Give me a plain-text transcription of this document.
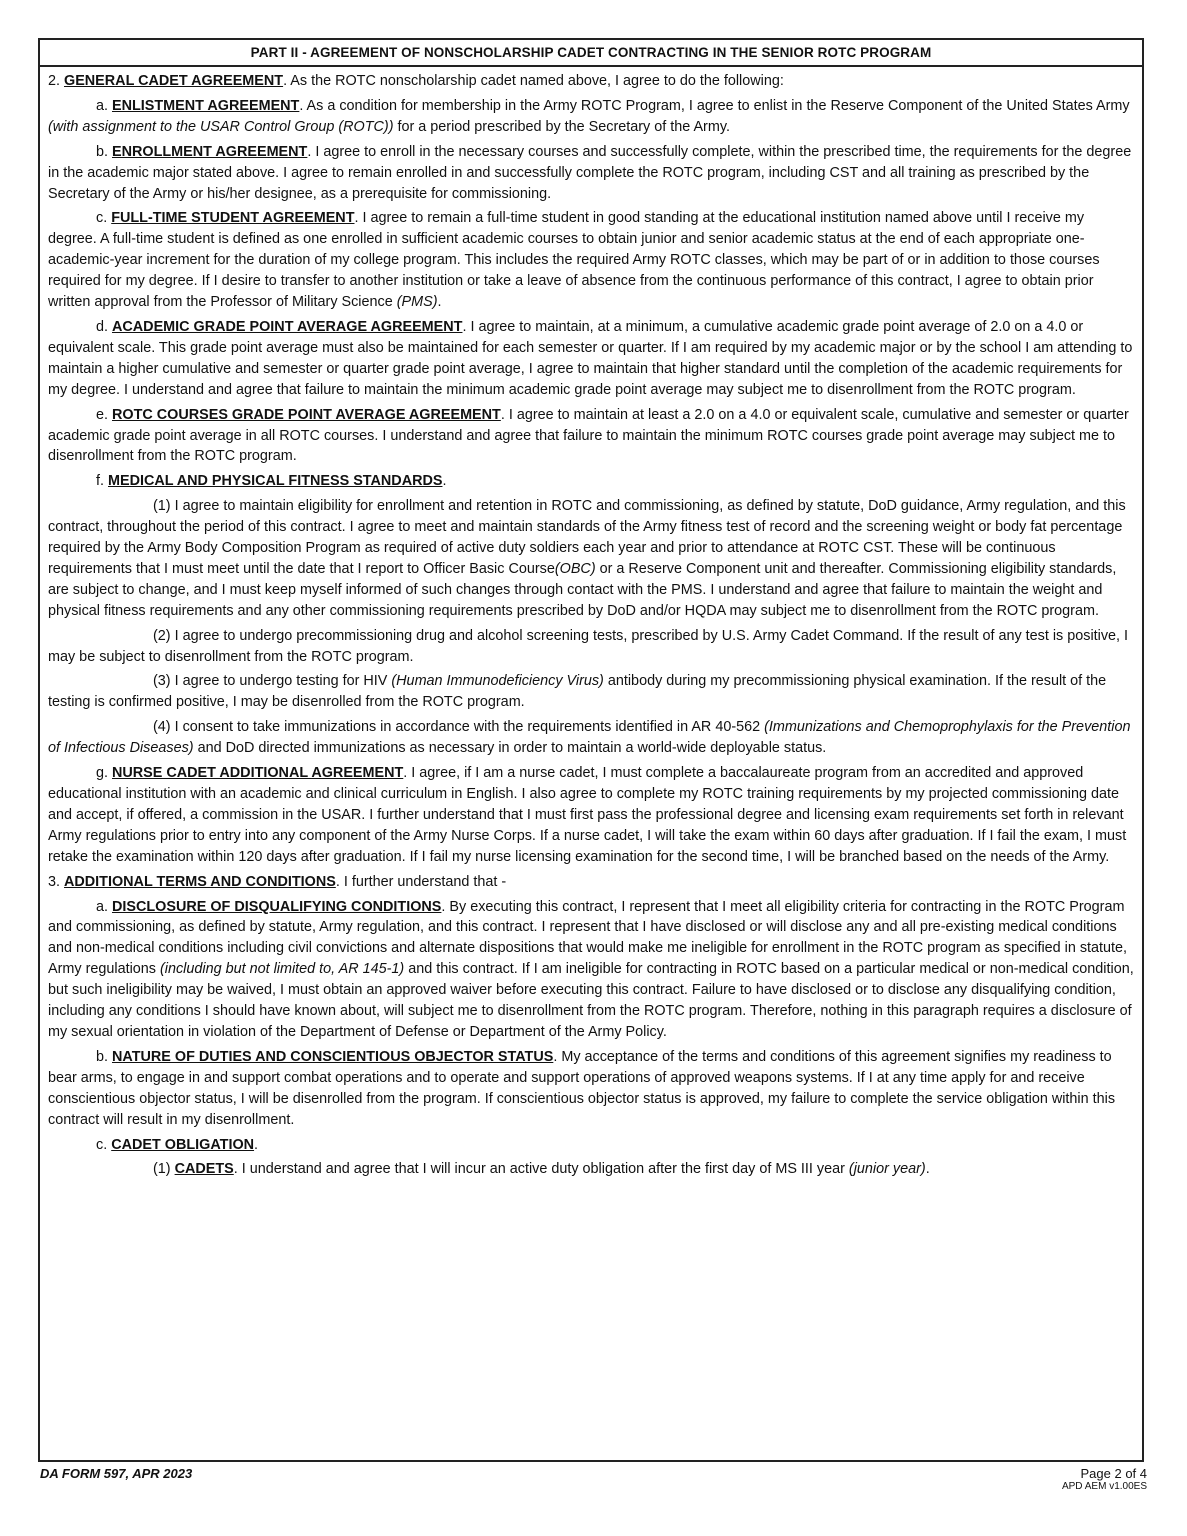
PART II - AGREEMENT OF NONSCHOLARSHIP CADET CONTRACTING IN THE SENIOR ROTC PROGRAM

2. GENERAL CADET AGREEMENT. As the ROTC nonscholarship cadet named above, I agree to do the following:

a. ENLISTMENT AGREEMENT. As a condition for membership in the Army ROTC Program, I agree to enlist in the Reserve Component of the United States Army (with assignment to the USAR Control Group (ROTC)) for a period prescribed by the Secretary of the Army.

b. ENROLLMENT AGREEMENT. I agree to enroll in the necessary courses and successfully complete, within the prescribed time, the requirements for the degree in the academic major stated above. I agree to remain enrolled in and successfully complete the ROTC program, including CST and all training as prescribed by the Secretary of the Army or his/her designee, as a prerequisite for commissioning.

c. FULL-TIME STUDENT AGREEMENT. I agree to remain a full-time student in good standing at the educational institution named above until I receive my degree. A full-time student is defined as one enrolled in sufficient academic courses to obtain junior and senior academic status at the end of each appropriate one-academic-year increment for the duration of my college program. This includes the required Army ROTC classes, which may be part of or in addition to those courses required for my degree. If I desire to transfer to another institution or take a leave of absence from the continuous performance of this contract, I agree to obtain prior written approval from the Professor of Military Science (PMS).

d. ACADEMIC GRADE POINT AVERAGE AGREEMENT. I agree to maintain, at a minimum, a cumulative academic grade point average of 2.0 on a 4.0 or equivalent scale. This grade point average must also be maintained for each semester or quarter. If I am required by my academic major or by the school I am attending to maintain a higher cumulative and semester or quarter grade point average, I agree to maintain that higher standard until the completion of the academic requirements for my degree. I understand and agree that failure to maintain the minimum academic grade point average may subject me to disenrollment from the ROTC program.

e. ROTC COURSES GRADE POINT AVERAGE AGREEMENT. I agree to maintain at least a 2.0 on a 4.0 or equivalent scale, cumulative and semester or quarter academic grade point average in all ROTC courses. I understand and agree that failure to maintain the minimum ROTC courses grade point average may subject me to disenrollment from the ROTC program.

f. MEDICAL AND PHYSICAL FITNESS STANDARDS.

(1) I agree to maintain eligibility for enrollment and retention in ROTC and commissioning, as defined by statute, DoD guidance, Army regulation, and this contract, throughout the period of this contract. I agree to meet and maintain standards of the Army fitness test of record and the screening weight or body fat percentage required by the Army Body Composition Program as required of active duty soldiers each year and prior to attendance at ROTC CST. These will be continuous requirements that I must meet until the date that I report to Officer Basic Course(OBC) or a Reserve Component unit and thereafter. Commissioning eligibility standards, are subject to change, and I must keep myself informed of such changes through contact with the PMS. I understand and agree that failure to maintain the weight and physical fitness requirements and any other commissioning requirements prescribed by DoD and/or HQDA may subject me to disenrollment from the ROTC program.

(2) I agree to undergo precommissioning drug and alcohol screening tests, prescribed by U.S. Army Cadet Command. If the result of any test is positive, I may be subject to disenrollment from the ROTC program.

(3) I agree to undergo testing for HIV (Human Immunodeficiency Virus) antibody during my precommissioning physical examination. If the result of the testing is confirmed positive, I may be disenrolled from the ROTC program.

(4) I consent to take immunizations in accordance with the requirements identified in AR 40-562 (Immunizations and Chemoprophylaxis for the Prevention of Infectious Diseases) and DoD directed immunizations as necessary in order to maintain a world-wide deployable status.

g. NURSE CADET ADDITIONAL AGREEMENT. I agree, if I am a nurse cadet, I must complete a baccalaureate program from an accredited and approved educational institution with an academic and clinical curriculum in English. I also agree to complete my ROTC training requirements by my projected commissioning date and accept, if offered, a commission in the USAR. I further understand that I must first pass the professional degree and licensing exam requirements set forth in relevant Army regulations prior to entry into any component of the Army Nurse Corps. If a nurse cadet, I will take the exam within 60 days after graduation. If I fail the exam, I must retake the examination within 120 days after graduation. If I fail my nurse licensing examination for the second time, I will be branched based on the needs of the Army.

3. ADDITIONAL TERMS AND CONDITIONS. I further understand that -

a. DISCLOSURE OF DISQUALIFYING CONDITIONS. By executing this contract, I represent that I meet all eligibility criteria for contracting in the ROTC Program and commissioning, as defined by statute, Army regulation, and this contract. I represent that I have disclosed or will disclose any and all pre-existing medical conditions and non-medical conditions including civil convictions and alternate dispositions that would make me ineligible for enrollment in the ROTC program as specified in statute, Army regulations (including but not limited to, AR 145-1) and this contract. If I am ineligible for contracting in ROTC based on a particular medical or non-medical condition, but such ineligibility may be waived, I must obtain an approved waiver before executing this contract. Failure to have disclosed or to disclose any disqualifying condition, including any conditions I should have known about, will subject me to disenrollment from the ROTC program. Therefore, nothing in this paragraph requires a disclosure of my sexual orientation in violation of the Department of Defense or Department of the Army Policy.

b. NATURE OF DUTIES AND CONSCIENTIOUS OBJECTOR STATUS. My acceptance of the terms and conditions of this agreement signifies my readiness to bear arms, to engage in and support combat operations and to operate and support operations of approved weapons systems. If I at any time apply for and receive conscientious objector status, I will be disenrolled from the program. If conscientious objector status is approved, my failure to complete the service obligation within this contract will result in my disenrollment.

c. CADET OBLIGATION.

(1) CADETS. I understand and agree that I will incur an active duty obligation after the first day of MS III year (junior year).

DA FORM 597, APR 2023	Page 2 of 4
APD AEM v1.00ES
